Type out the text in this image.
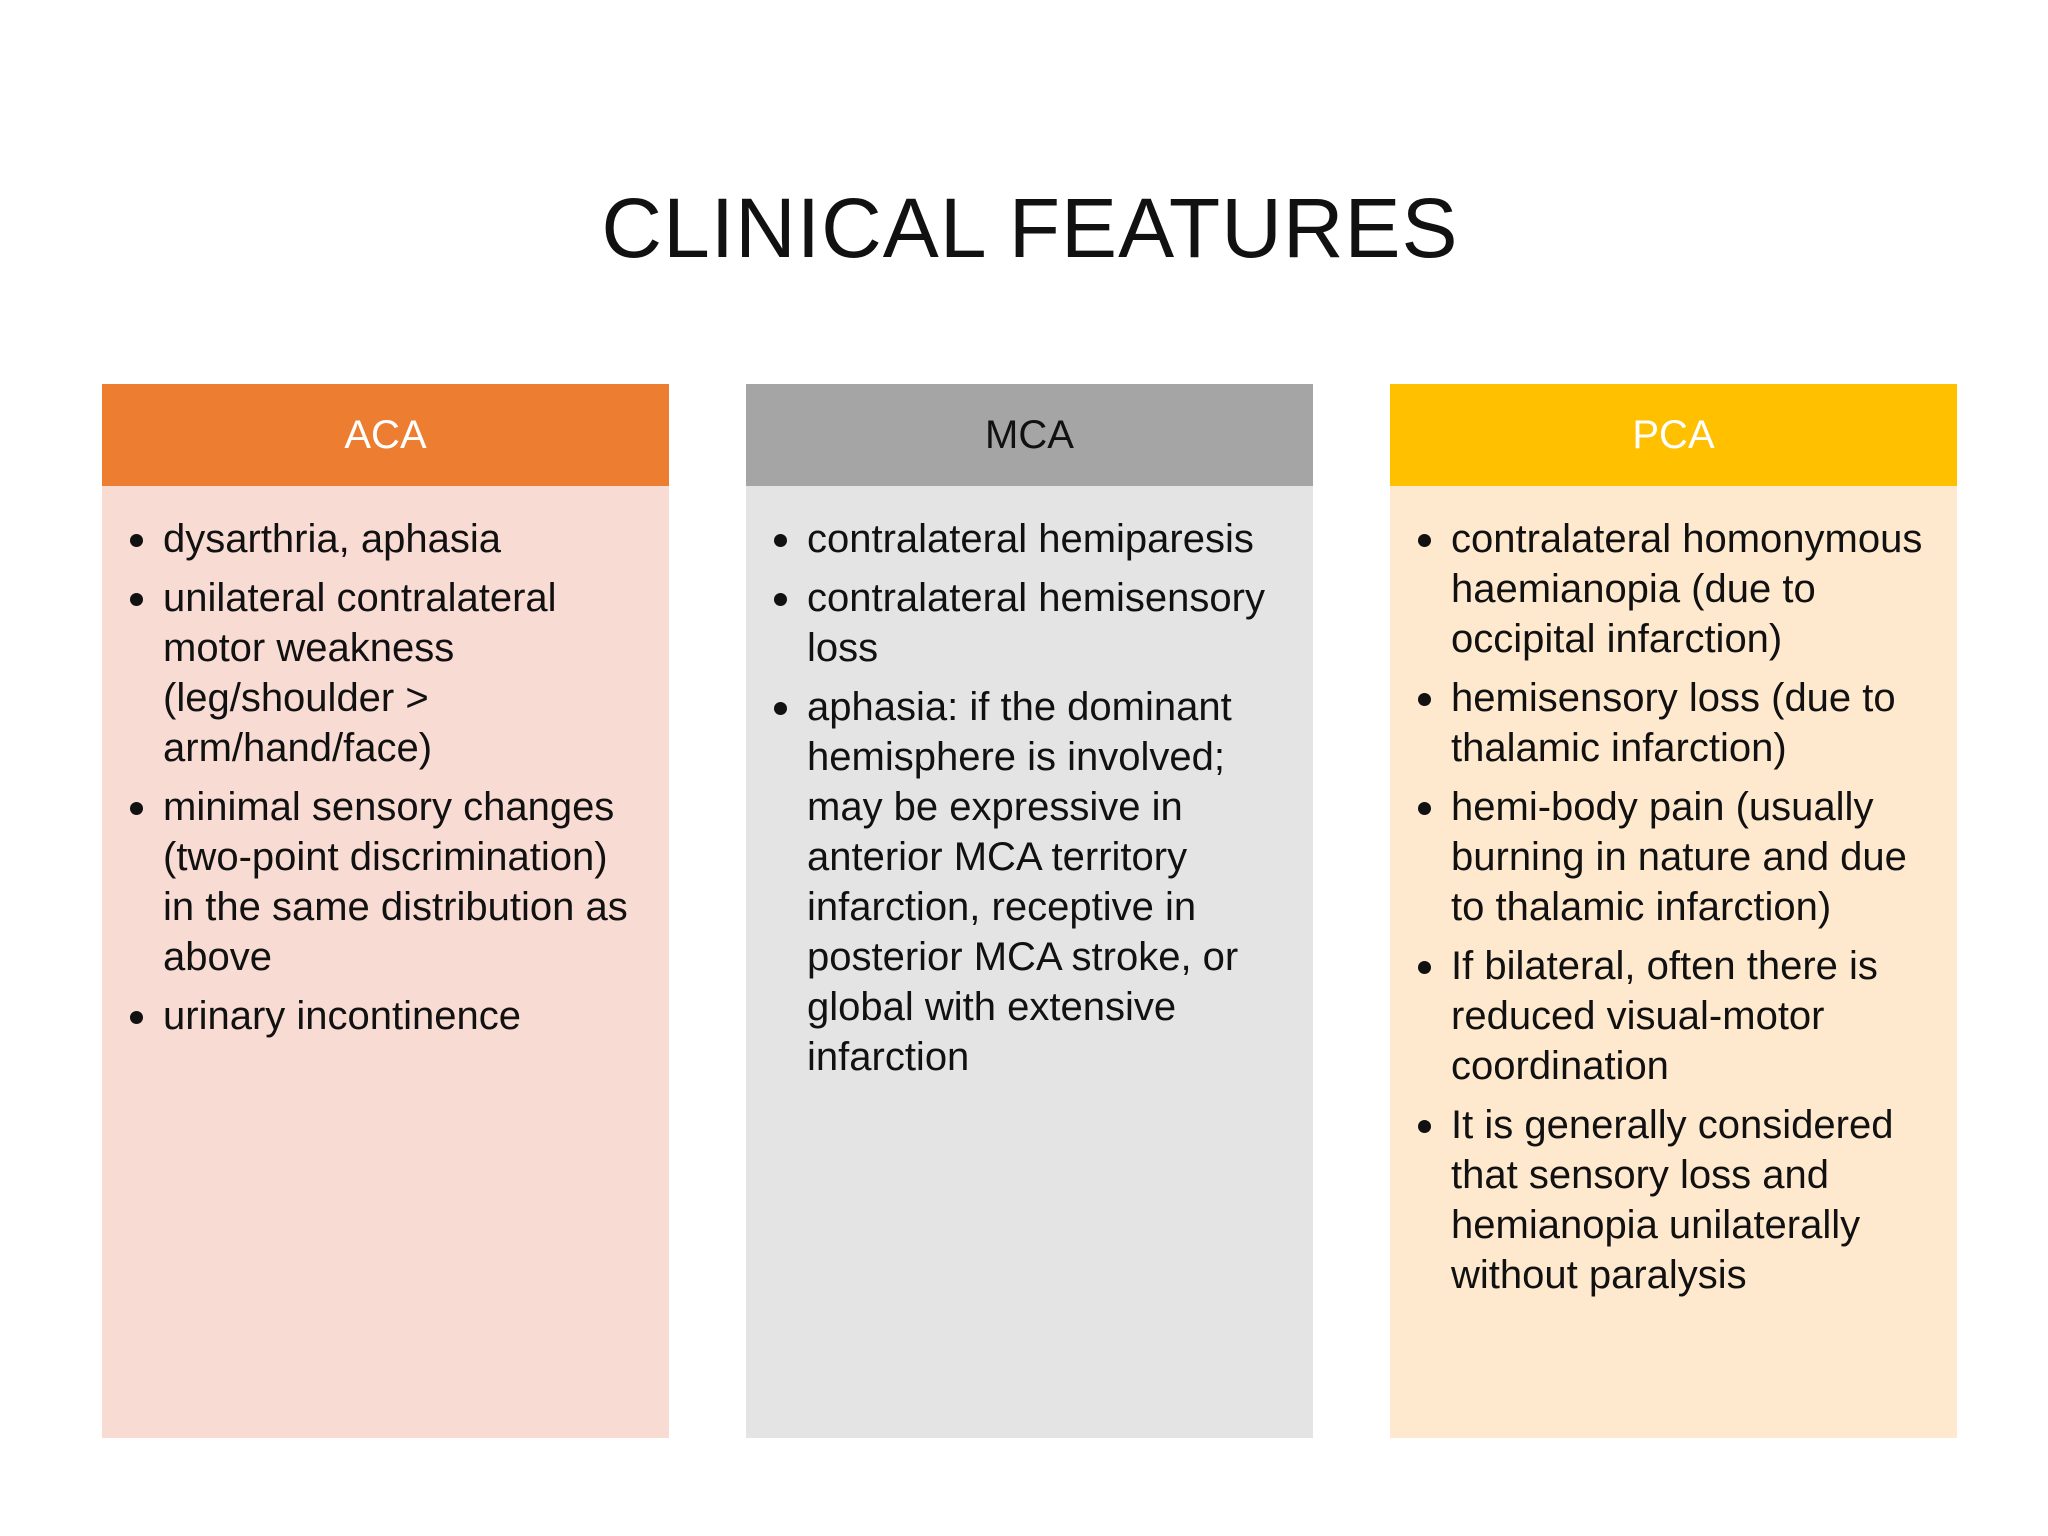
CLINICAL FEATURES
ACA
dysarthria, aphasia
unilateral contralateral motor weakness (leg/shoulder > arm/hand/face)
minimal sensory changes (two-point discrimination) in the same distribution as above
urinary incontinence
MCA
contralateral hemiparesis
contralateral hemisensory loss
aphasia: if the dominant hemisphere is involved; may be expressive in anterior MCA territory infarction, receptive in posterior MCA stroke, or global with extensive infarction
PCA
contralateral homonymous haemianopia (due to occipital infarction)
hemisensory loss (due to thalamic infarction)
hemi-body pain (usually burning in nature and due to thalamic infarction)
If bilateral, often there is reduced visual-motor coordination
It is generally considered that sensory loss and hemianopia unilaterally without paralysis
